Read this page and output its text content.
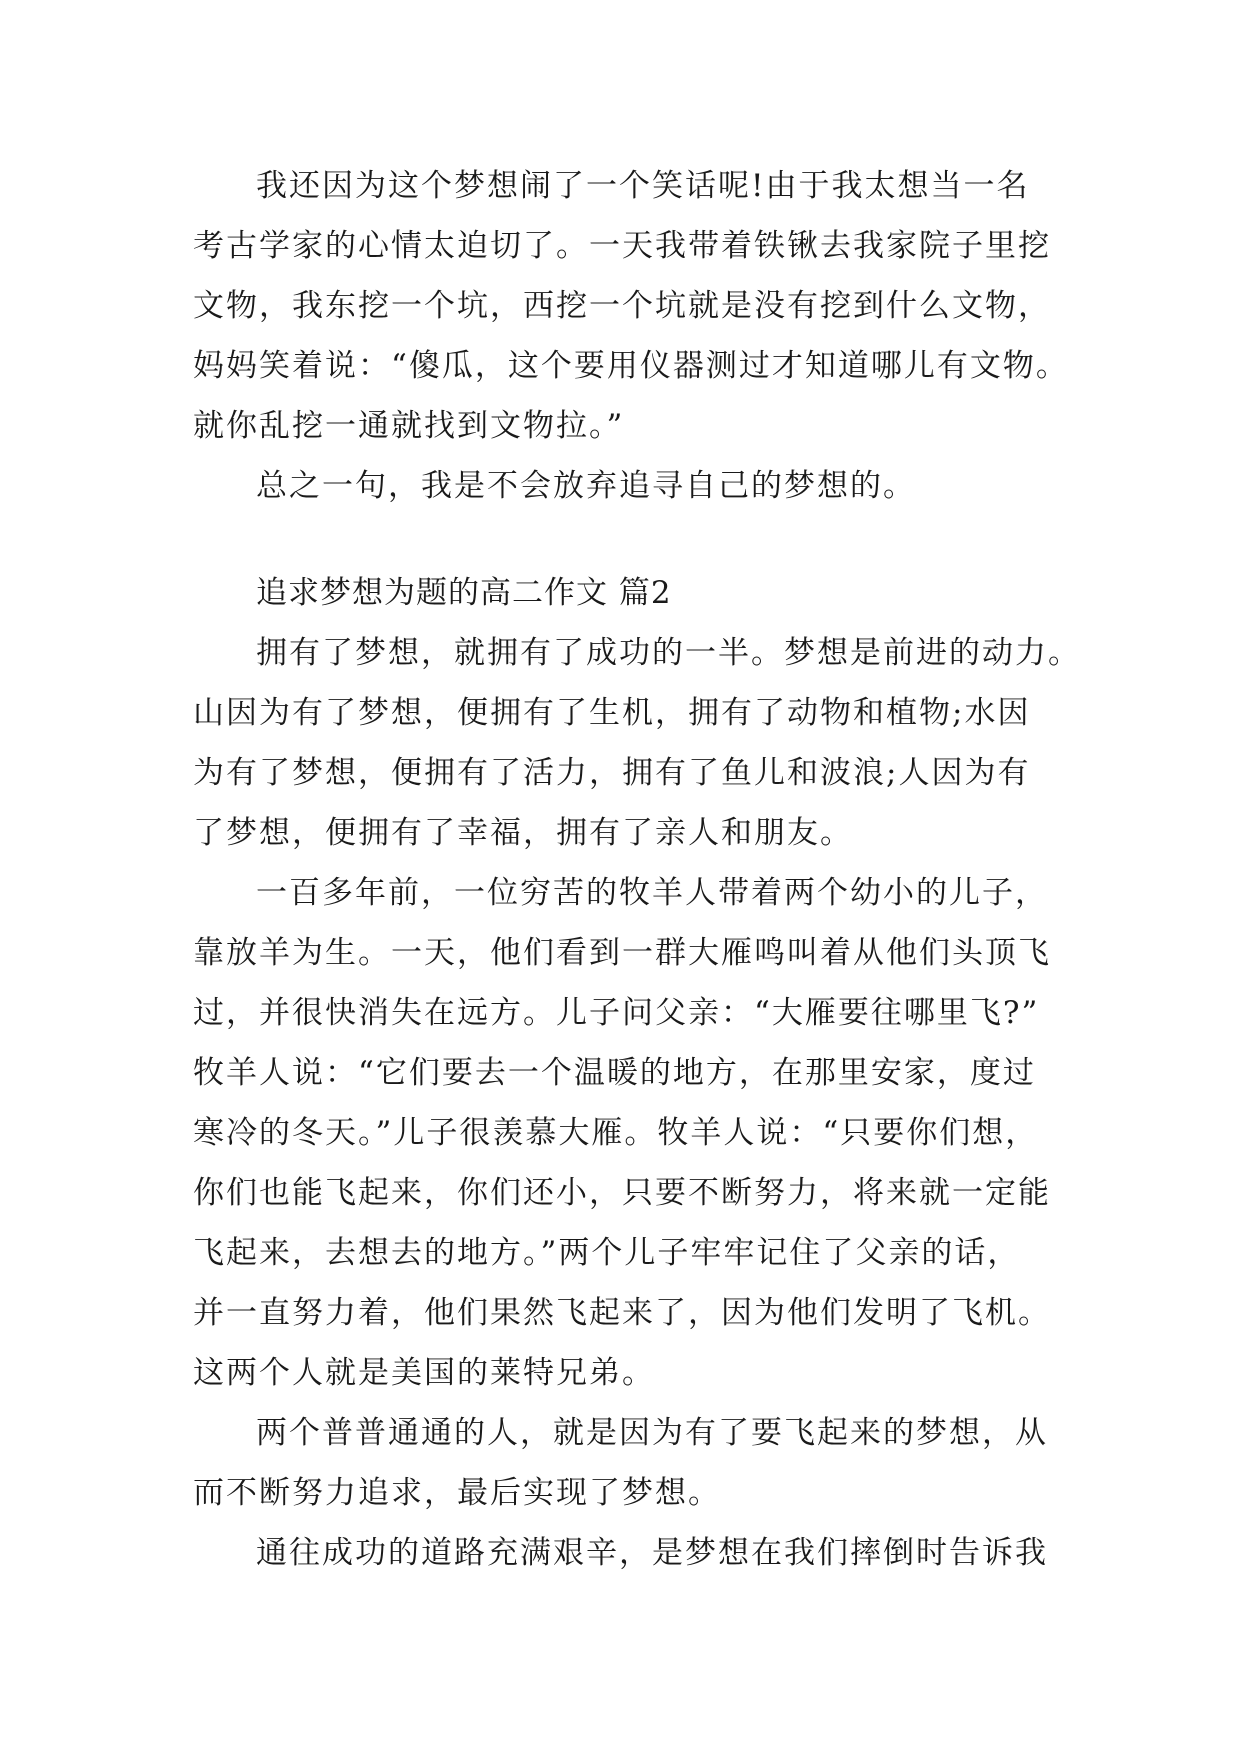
我还因为这个梦想闹了一个笑话呢!由于我太想当一名
考古学家的心情太迫切了。一天我带着铁锹去我家院子里挖
文物，我东挖一个坑，西挖一个坑就是没有挖到什么文物，
妈妈笑着说：“傻瓜，这个要用仪器测过才知道哪儿有文物。
就你乱挖一通就找到文物拉。”
总之一句，我是不会放弃追寻自己的梦想的。
追求梦想为题的高二作文 篇2
拥有了梦想，就拥有了成功的一半。梦想是前进的动力。
山因为有了梦想，便拥有了生机，拥有了动物和植物;水因
为有了梦想，便拥有了活力，拥有了鱼儿和波浪;人因为有
了梦想，便拥有了幸福，拥有了亲人和朋友。
一百多年前，一位穷苦的牧羊人带着两个幼小的儿子，
靠放羊为生。一天，他们看到一群大雁鸣叫着从他们头顶飞
过，并很快消失在远方。儿子问父亲：“大雁要往哪里飞?”
牧羊人说：“它们要去一个温暖的地方，在那里安家，度过
寒冷的冬天。”儿子很羡慕大雁。牧羊人说：“只要你们想，
你们也能飞起来，你们还小，只要不断努力，将来就一定能
飞起来，去想去的地方。”两个儿子牢牢记住了父亲的话，
并一直努力着，他们果然飞起来了，因为他们发明了飞机。
这两个人就是美国的莱特兄弟。
两个普普通通的人，就是因为有了要飞起来的梦想，从
而不断努力追求，最后实现了梦想。
通往成功的道路充满艰辛，是梦想在我们摔倒时告诉我
